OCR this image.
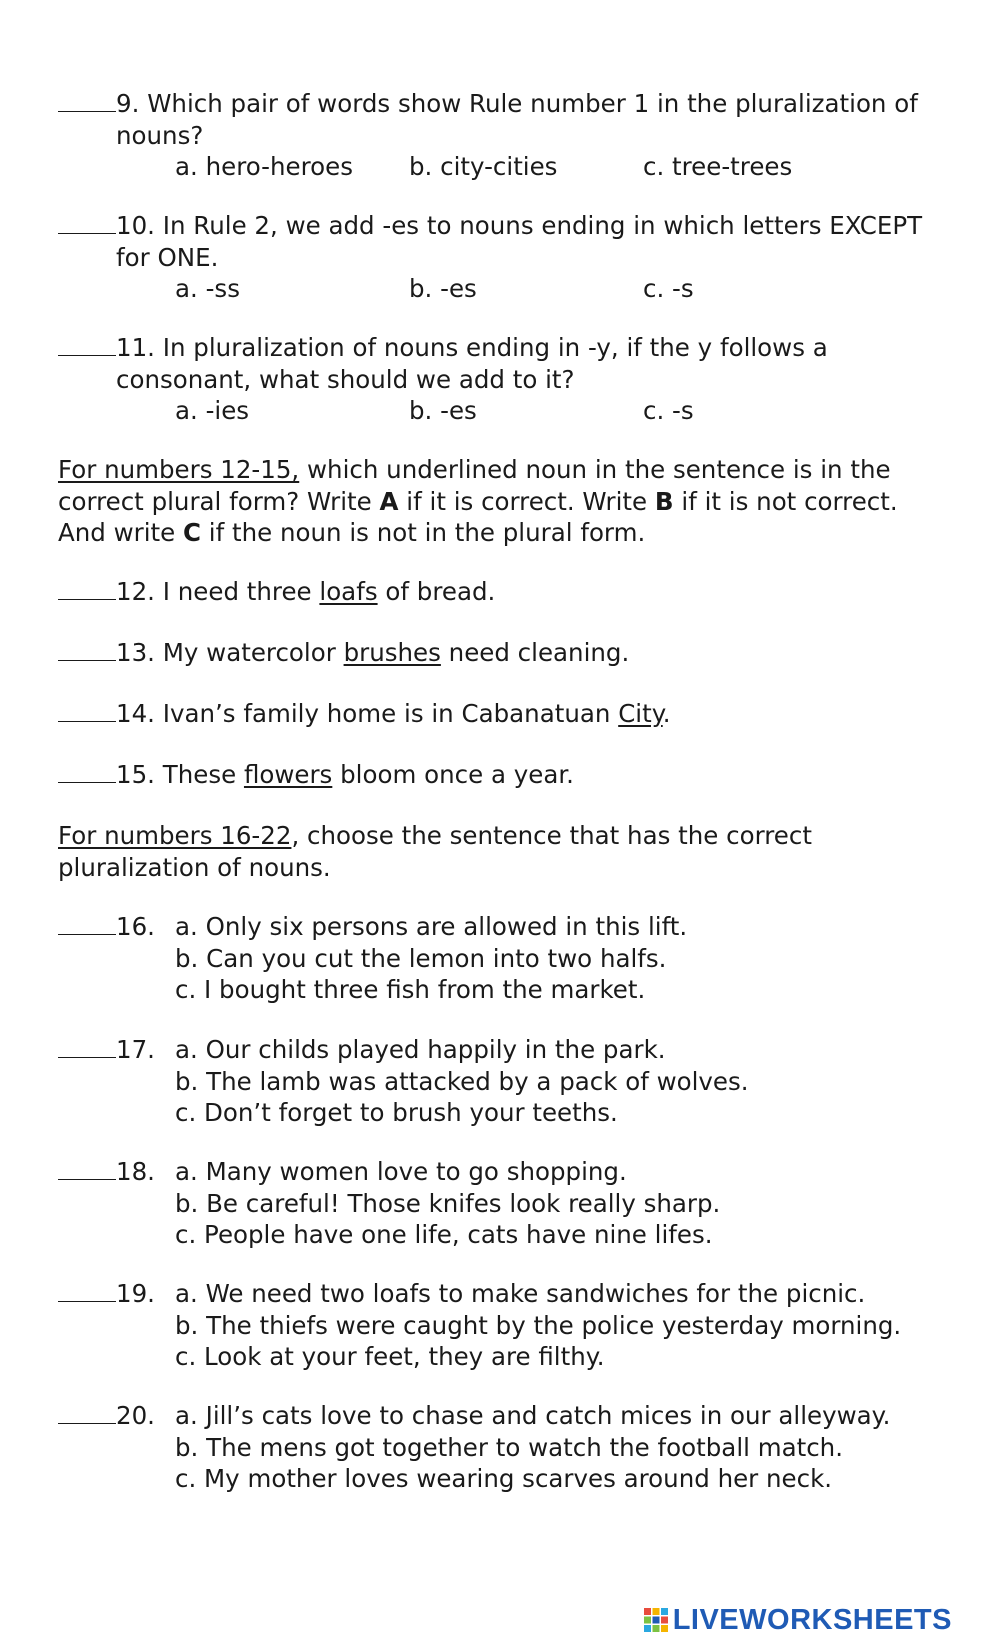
9. Which pair of words show Rule number 1 in the pluralization of
nouns?
a. hero-heroes b. city-cities	c. tree-trees
10. In Rule 2, we add -es to nouns ending in which letters EXCEPT
for ONE.
a. -ss	b. -es	c. -s
11. In pluralization of nouns ending in -y, if the y follows a
consonant, what should we add to it?
a. -ies	b. -es	c. -s
For numbers 12-15, which underlined noun in the sentence is in the
correct plural form? Write A if it is correct. Write B if it is not correct.
And write C if the noun is not in the plural form.
12. I need three loafs of bread.
13. My watercolor brushes need cleaning.
14. Ivan’s family home is in Cabanatuan City.
15. These flowers bloom once a year.
For numbers 16-22, choose the sentence that has the correct
pluralization of nouns.
16. a. Only six persons are allowed in this lift.
b. Can you cut the lemon into two halfs.
c. I bought three fish from the market.
17. a. Our childs played happily in the park.
b. The lamb was attacked by a pack of wolves.
c. Don’t forget to brush your teeths.
18. a. Many women love to go shopping.
b. Be careful! Those knifes look really sharp.
c. People have one life, cats have nine lifes.
19. a. We need two loafs to make sandwiches for the picnic.
b. The thiefs were caught by the police yesterday morning.
c. Look at your feet, they are filthy.
20. a. Jill’s cats love to chase and catch mices in our alleyway.
b. The mens got together to watch the football match.
c. My mother loves wearing scarves around her neck.
LIVEWORKSHEETS
